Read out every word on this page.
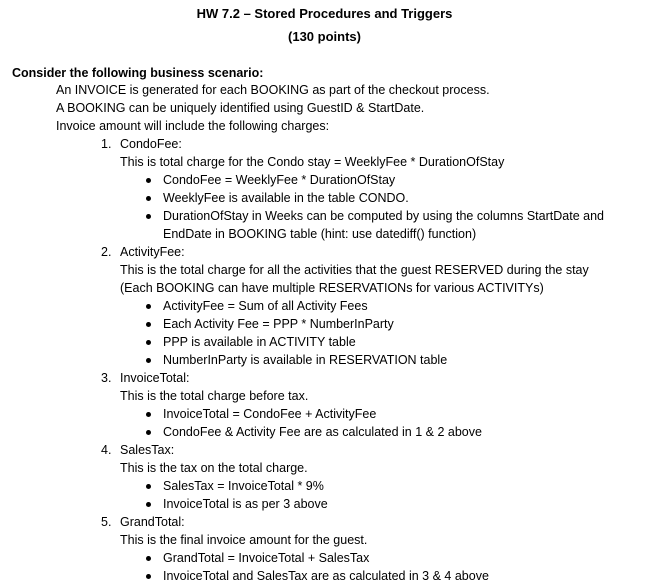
HW 7.2 – Stored Procedures and Triggers
(130 points)
Consider the following business scenario:
An INVOICE is generated for each BOOKING as part of the checkout process.
A BOOKING can be uniquely identified using GuestID & StartDate.
Invoice amount will include the following charges:
1. CondoFee:
This is total charge for the Condo stay = WeeklyFee * DurationOfStay
CondoFee = WeeklyFee * DurationOfStay
WeeklyFee is available in the table CONDO.
DurationOfStay in Weeks can be computed by using the columns StartDate and
EndDate in BOOKING table (hint: use datediff() function)
2. ActivityFee:
This is the total charge for all the activities that the guest RESERVED during the stay
(Each BOOKING can have multiple RESERVATIONs for various ACTIVITYs)
ActivityFee = Sum of all Activity Fees
Each Activity Fee = PPP * NumberInParty
PPP is available in ACTIVITY table
NumberInParty is available in RESERVATION table
3. InvoiceTotal:
This is the total charge before tax.
InvoiceTotal = CondoFee + ActivityFee
CondoFee & Activity Fee are as calculated in 1 & 2 above
4. SalesTax:
This is the tax on the total charge.
SalesTax = InvoiceTotal * 9%
InvoiceTotal is as per 3 above
5. GrandTotal:
This is the final invoice amount for the guest.
GrandTotal = InvoiceTotal + SalesTax
InvoiceTotal and SalesTax are as calculated in 3 & 4 above
